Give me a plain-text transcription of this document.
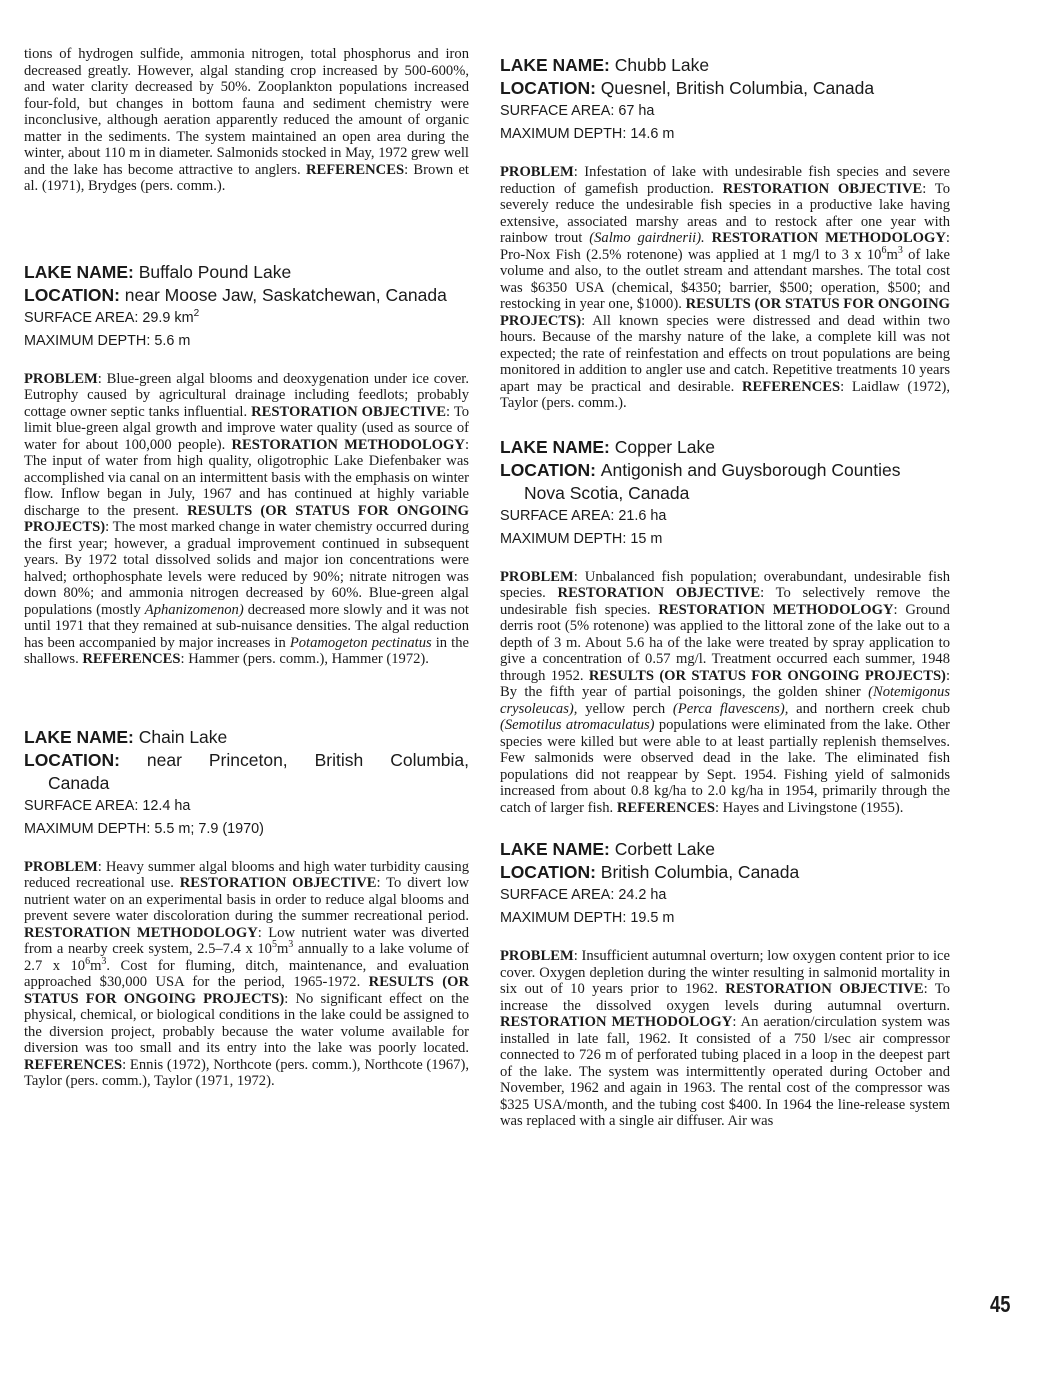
tions of hydrogen sulfide, ammonia nitrogen, total phosphorus and iron decreased greatly. However, algal standing crop increased by 500-600%, and water clarity decreased by 50%. Zooplankton populations increased four-fold, but changes in bottom fauna and sediment chemistry were inconclusive, although aeration apparently reduced the amount of organic matter in the sediments. The system maintained an open area during the winter, about 110 m in diameter. Salmonids stocked in May, 1972 grew well and the lake has become attractive to anglers. REFERENCES: Brown et al. (1971), Brydges (pers. comm.).

LAKE NAME: Buffalo Pound Lake

LOCATION: near Moose Jaw, Saskatchewan, Canada

SURFACE AREA: 29.9 $km^2$

MAXIMUM DEPTH: 5.6 m

PROBLEM: Blue-green algal blooms and deoxygenation under ice cover. Eutrophy caused by agricultural drainage including feedlots; probably cottage owner septic tanks influential. RESTORATION OBJECTIVE: To limit blue-green algal growth and improve water quality (used as source of water for about 100,000 people). RESTORATION METHODOLOGY: The input of water from high quality, oligotrophic Lake Diefenbaker was accomplished via canal on an intermittent basis with the emphasis on winter flow. Inflow began in July, 1967 and has continued at highly variable discharge to the present. RESULTS (OR STATUS FOR ONGOING PROJECTS): The most marked change in water chemistry occurred during the first year; however, a gradual improvement continued in subsequent years. By 1972 total dissolved solids and major ion concentrations were halved; orthophosphate levels were reduced by 90%; nitrate nitrogen was down 80%; and ammonia nitrogen decreased by 60%. Blue-green algal populations (mostly Aphanizomenon) decreased more slowly and it was not until 1971 that they remained at sub-nuisance densities. The algal reduction has been accompanied by major increases in Potamogeton pectinatus in the shallows. REFERENCES: Hammer (pers. comm.), Hammer (1972).

LAKE NAME: Chain Lake

LOCATION: near Princeton, British Columbia,

Canada

SURFACE AREA: 12.4 ha

MAXIMUM DEPTH: 5.5 m; 7.9 (1970)

PROBLEM: Heavy summer algal blooms and high water turbidity causing reduced recreational use. RESTORATION OBJECTIVE: To divert low nutrient water on an experimental basis in order to reduce algal blooms and prevent severe water discoloration during the summer recreational period. RESTORATION METHODOLOGY: Low nutrient water was diverted from a nearby creek system, 2.5–7.4 x $10^5m^3$ annually to a lake volume of 2.7 x $10^6m^3$. Cost for fluming, ditch, maintenance, and evaluation approached $30,000 USA for the period, 1965-1972. RESULTS (OR STATUS FOR ONGOING PROJECTS): No significant effect on the physical, chemical, or biological conditions in the lake could be assigned to the diversion project, probably because the water volume available for diversion was too small and its entry into the lake was poorly located. REFERENCES: Ennis (1972), Northcote (pers. comm.), Northcote (1967), Taylor (pers. comm.), Taylor (1971, 1972).

LAKE NAME: Chubb Lake

LOCATION: Quesnel, British Columbia, Canada

SURFACE AREA: 67 ha

MAXIMUM DEPTH: 14.6 m

PROBLEM: Infestation of lake with undesirable fish species and severe reduction of gamefish production. RESTORATION OBJECTIVE: To severely reduce the undesirable fish species in a productive lake having extensive, associated marshy areas and to restock after one year with rainbow trout (Salmo gairdnerii). RESTORATION METHODOLOGY: Pro-Nox Fish (2.5% rotenone) was applied at 1 mg/l to 3 x $10^6m^3$ of lake volume and also, to the outlet stream and attendant marshes. The total cost was $6350 USA (chemical, $4350; barrier, $500; operation, $500; and restocking in year one, $1000). RESULTS (OR STATUS FOR ONGOING PROJECTS): All known species were distressed and dead within two hours. Because of the marshy nature of the lake, a complete kill was not expected; the rate of reinfestation and effects on trout populations are being monitored in addition to angler use and catch. Repetitive treatments 10 years apart may be practical and desirable. REFERENCES: Laidlaw (1972), Taylor (pers. comm.).

LAKE NAME: Copper Lake

LOCATION: Antigonish and Guysborough Counties

Nova Scotia, Canada

SURFACE AREA: 21.6 ha

MAXIMUM DEPTH: 15 m

PROBLEM: Unbalanced fish population; overabundant, undesirable fish species. RESTORATION OBJECTIVE: To selectively remove the undesirable fish species. RESTORATION METHODOLOGY: Ground derris root (5% rotenone) was applied to the littoral zone of the lake out to a depth of 3 m. About 5.6 ha of the lake were treated by spray application to give a concentration of 0.57 mg/l. Treatment occurred each summer, 1948 through 1952. RESULTS (OR STATUS FOR ONGOING PROJECTS): By the fifth year of partial poisonings, the golden shiner (Notemigonus crysoleucas), yellow perch (Perca flavescens), and northern creek chub (Semotilus atromaculatus) populations were eliminated from the lake. Other species were killed but were able to at least partially replenish themselves. Few salmonids were observed dead in the lake. The eliminated fish populations did not reappear by Sept. 1954. Fishing yield of salmonids increased from about 0.8 kg/ha to 2.0 kg/ha in 1954, primarily through the catch of larger fish. REFERENCES: Hayes and Livingstone (1955).

LAKE NAME: Corbett Lake

LOCATION: British Columbia, Canada

SURFACE AREA: 24.2 ha

MAXIMUM DEPTH: 19.5 m

PROBLEM: Insufficient autumnal overturn; low oxygen content prior to ice cover. Oxygen depletion during the winter resulting in salmonid mortality in six out of 10 years prior to 1962. RESTORATION OBJECTIVE: To increase the dissolved oxygen levels during autumnal overturn. RESTORATION METHODOLOGY: An aeration/circulation system was installed in late fall, 1962. It consisted of a 750 l/sec air compressor connected to 726 m of perforated tubing placed in a loop in the deepest part of the lake. The system was intermittently operated during October and November, 1962 and again in 1963. The rental cost of the compressor was $325 USA/month, and the tubing cost $400. In 1964 the line-release system was replaced with a single air diffuser. Air was

45
